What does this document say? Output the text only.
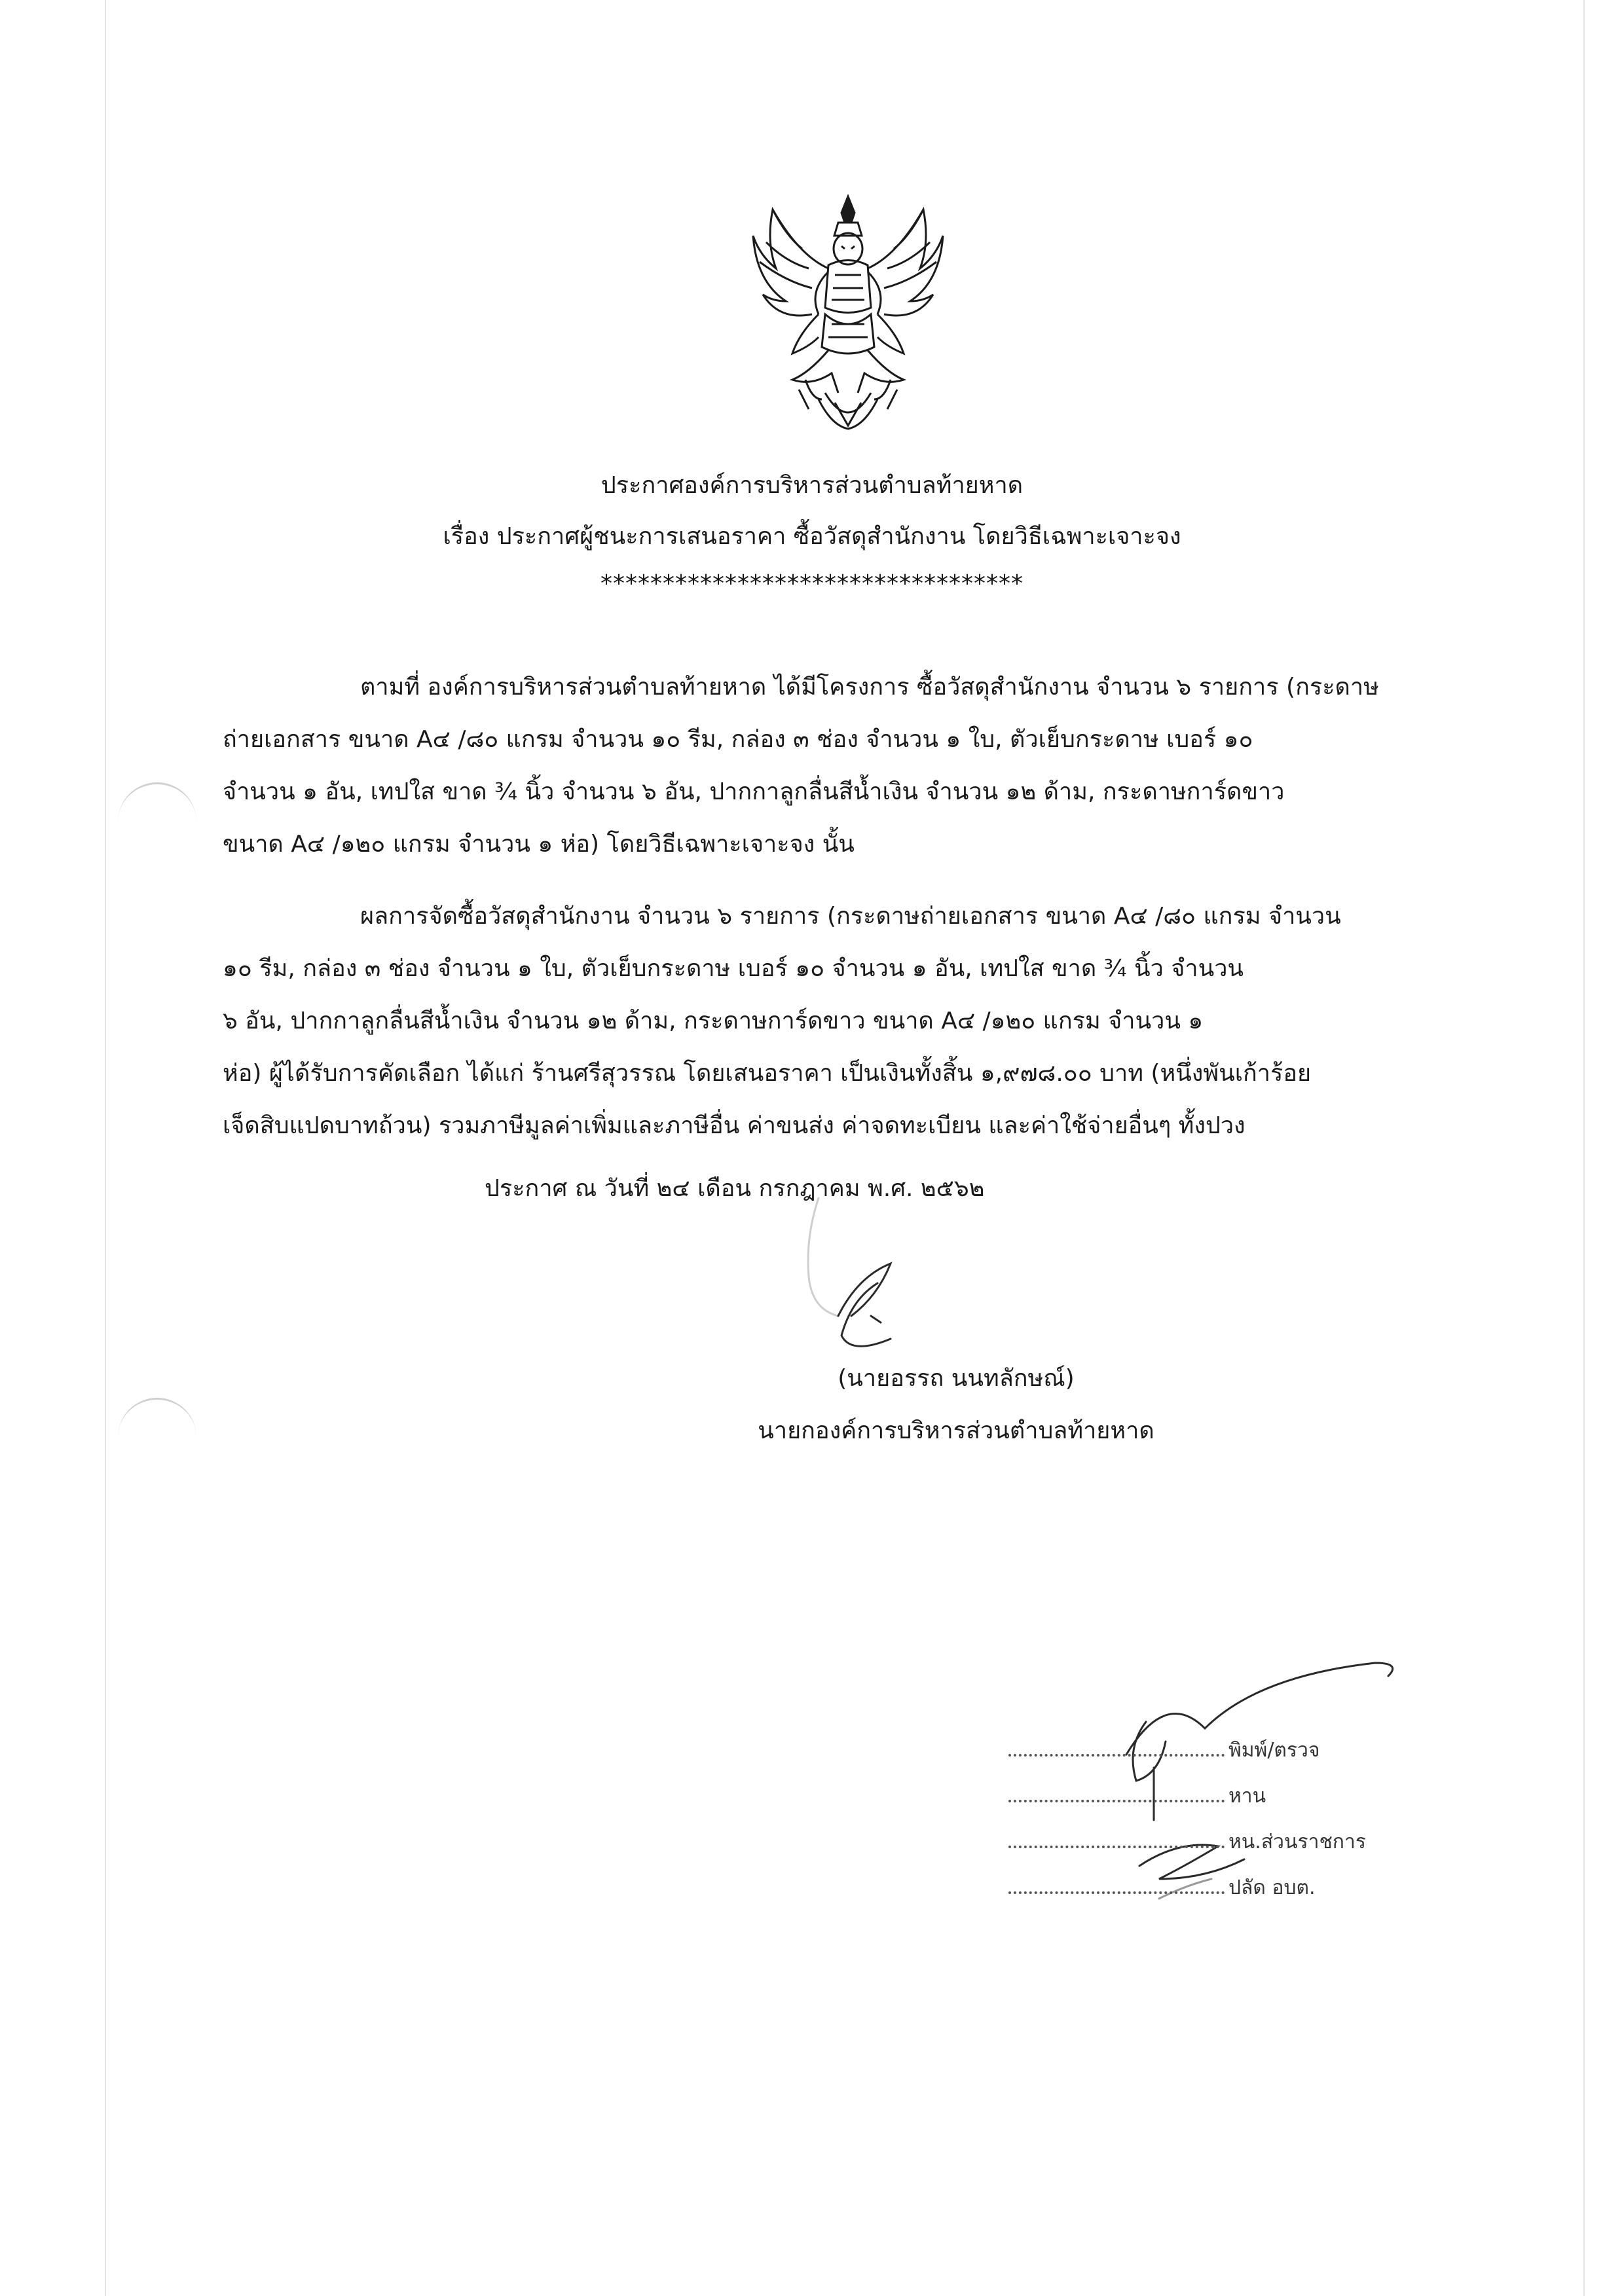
ประกาศองค์การบริหารส่วนตำบลท้ายหาด
เรื่อง ประกาศผู้ชนะการเสนอราคา ซื้อวัสดุสำนักงาน โดยวิธีเฉพาะเจาะจง
**********************************
ตามที่ องค์การบริหารส่วนตำบลท้ายหาด ได้มีโครงการ ซื้อวัสดุสำนักงาน จำนวน ๖ รายการ (กระดาษ
ถ่ายเอกสาร ขนาด A๔ /๘๐ แกรม จำนวน ๑๐ รีม, กล่อง ๓ ช่อง จำนวน ๑ ใบ, ตัวเย็บกระดาษ เบอร์ ๑๐
จำนวน ๑ อัน, เทปใส ขาด ¾ นิ้ว จำนวน ๖ อัน, ปากกาลูกลื่นสีน้ำเงิน จำนวน ๑๒ ด้าม, กระดาษการ์ดขาว
ขนาด A๔ /๑๒๐ แกรม จำนวน ๑ ห่อ) โดยวิธีเฉพาะเจาะจง นั้น
ผลการจัดซื้อวัสดุสำนักงาน จำนวน ๖ รายการ (กระดาษถ่ายเอกสาร ขนาด A๔ /๘๐ แกรม จำนวน
๑๐ รีม, กล่อง ๓ ช่อง จำนวน ๑ ใบ, ตัวเย็บกระดาษ เบอร์ ๑๐ จำนวน ๑ อัน, เทปใส ขาด ¾ นิ้ว จำนวน
๖ อัน, ปากกาลูกลื่นสีน้ำเงิน จำนวน ๑๒ ด้าม, กระดาษการ์ดขาว ขนาด A๔ /๑๒๐ แกรม จำนวน ๑
ห่อ) ผู้ได้รับการคัดเลือก ได้แก่ ร้านศรีสุวรรณ โดยเสนอราคา เป็นเงินทั้งสิ้น ๑,๙๗๘.๐๐ บาท (หนึ่งพันเก้าร้อย
เจ็ดสิบแปดบาทถ้วน) รวมภาษีมูลค่าเพิ่มและภาษีอื่น ค่าขนส่ง ค่าจดทะเบียน และค่าใช้จ่ายอื่นๆ ทั้งปวง
ประกาศ ณ วันที่ ๒๔ เดือน กรกฎาคม พ.ศ. ๒๕๖๒
(นายอรรถ นนทลักษณ์)
นายกองค์การบริหารส่วนตำบลท้ายหาด
พิมพ์/ตรวจ
หาน
หน.ส่วนราชการ
ปลัด อบต.
